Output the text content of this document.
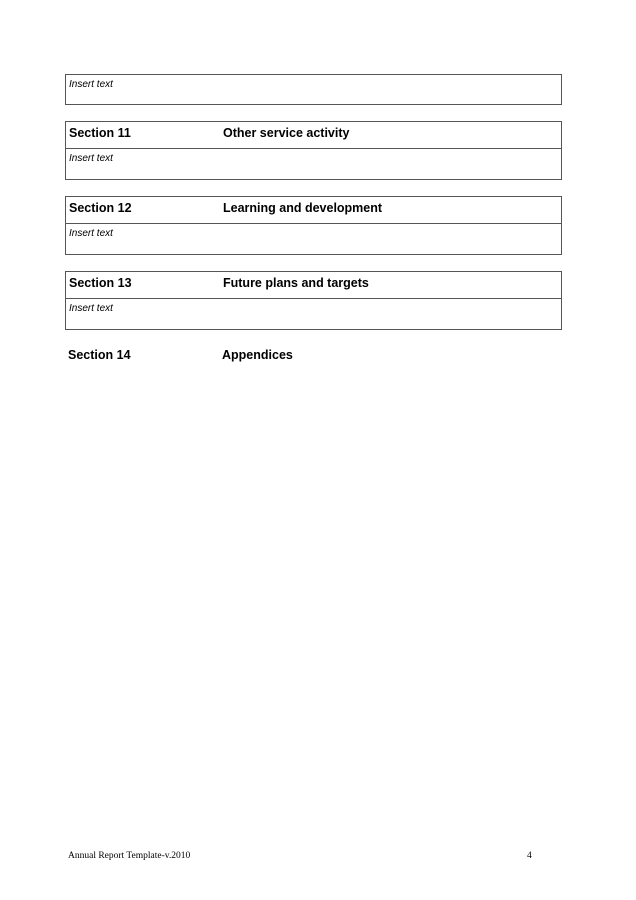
Insert text
Section 11	Other service activity
Insert text
Section 12	Learning and development
Insert text
Section 13	Future plans and targets
Insert text
Section 14	Appendices
Annual Report Template-v.2010	4
